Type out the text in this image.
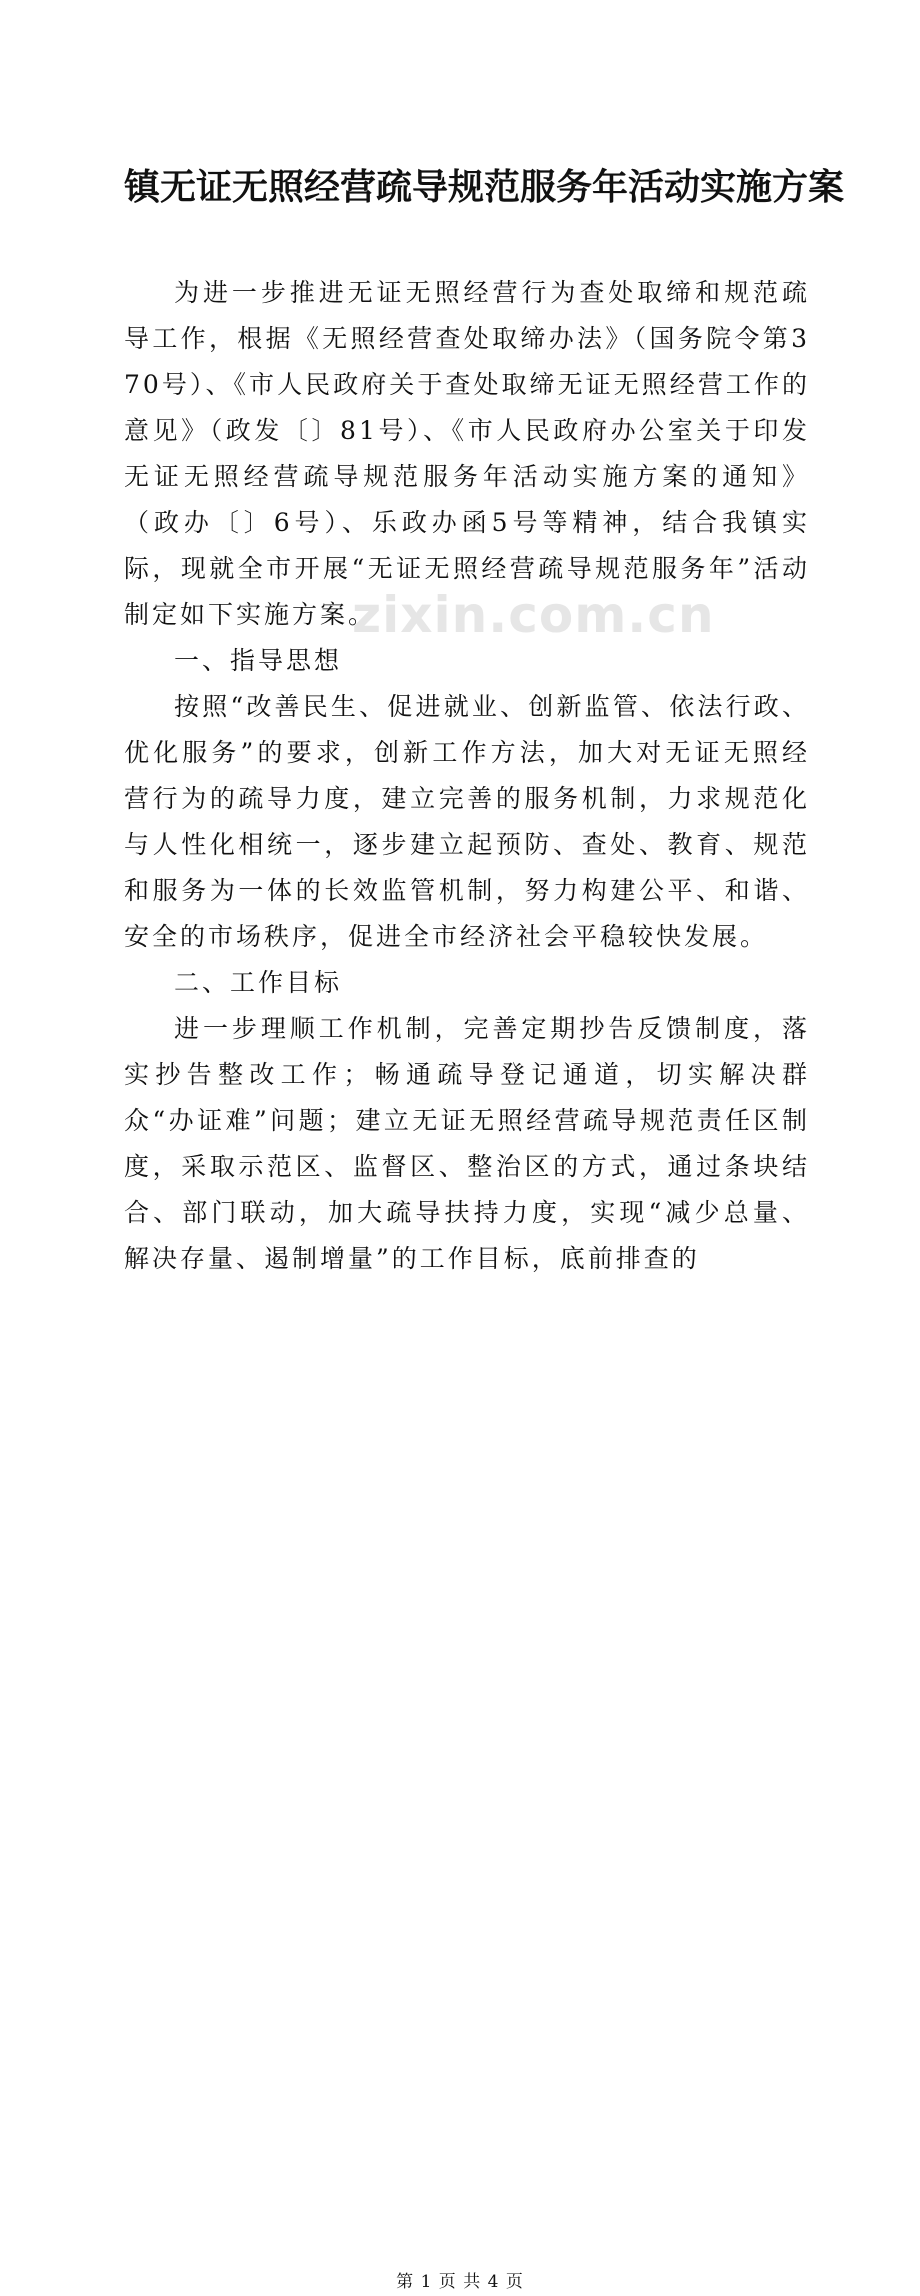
zixin.com.cn
镇无证无照经营疏导规范服务年活动实施方案

为进一步推进无证无照经营行为查处取缔和规范疏导工作，根据《无照经营查处取缔办法》（国务院令第370号）、《市人民政府关于查处取缔无证无照经营工作的意见》（政发〔〕81号）、《市人民政府办公室关于印发无证无照经营疏导规范服务年活动实施方案的通知》（政办〔〕6号）、乐政办函5号等精神，结合我镇实际，现就全市开展“无证无照经营疏导规范服务年”活动制定如下实施方案。

一、指导思想

按照“改善民生、促进就业、创新监管、依法行政、优化服务”的要求，创新工作方法，加大对无证无照经营行为的疏导力度，建立完善的服务机制，力求规范化与人性化相统一，逐步建立起预防、查处、教育、规范和服务为一体的长效监管机制，努力构建公平、和谐、安全的市场秩序，促进全市经济社会平稳较快发展。

二、工作目标

进一步理顺工作机制，完善定期抄告反馈制度，落实抄告整改工作；畅通疏导登记通道，切实解决群众“办证难”问题；建立无证无照经营疏导规范责任区制度，采取示范区、监督区、整治区的方式，通过条块结合、部门联动，加大疏导扶持力度，实现“减少总量、解决存量、遏制增量”的工作目标，底前排查的

第 1 页 共 4 页
